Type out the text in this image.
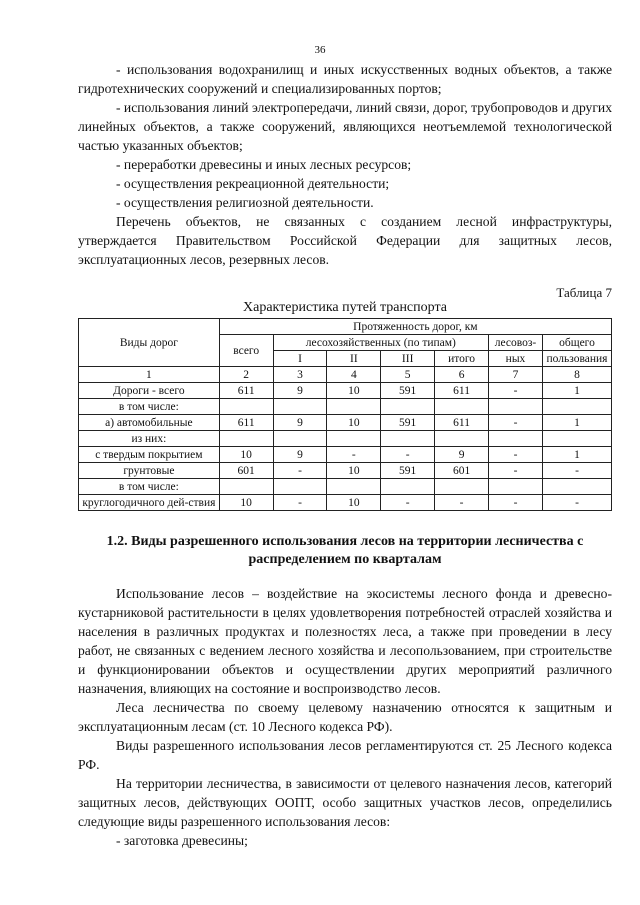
36

- использования водохранилищ и иных искусственных водных объектов, а также гидротехнических сооружений и специализированных портов;

- использования линий электропередачи, линий связи, дорог, трубопроводов и других линейных объектов, а также сооружений, являющихся неотъемлемой технологической частью указанных объектов;

- переработки древесины и иных лесных ресурсов;

- осуществления рекреационной деятельности;

- осуществления религиозной деятельности.

Перечень объектов, не связанных с созданием лесной инфраструктуры, утверждается Правительством Российской Федерации для защитных лесов, эксплуатационных лесов, резервных лесов.

Таблица 7
Характеристика путей транспорта
Виды дорог	Протяженность дорог, км						
	всего	лесохозяйственных (по типам)				лесовоз-	общего
		I	II	III	итого	ных	пользования
1	2	3	4	5	6	7	8
Дороги - всего	611	9	10	591	611	-	1
в том числе:							
а) автомобильные	611	9	10	591	611	-	1
из них:							
с твердым покрытием	10	9	-	-	9	-	1
грунтовые	601	-	10	591	601	-	-
в том числе:							
круглогодичного дей-ствия	10	-	10	-	-	-	-
1.2. Виды разрешенного использования лесов на территории лесничества с распределением по кварталам

Использование лесов – воздействие на экосистемы лесного фонда и древесно-кустарниковой растительности в целях удовлетворения потребностей отраслей хозяйства и населения в различных продуктах и полезностях леса, а также при проведении в лесу работ, не связанных с ведением лесного хозяйства и лесопользованием, при строительстве и функционировании объектов и осуществлении других мероприятий различного назначения, влияющих на состояние и воспроизводство лесов.

Леса лесничества по своему целевому назначению относятся к защитным и эксплуатационным лесам (ст. 10 Лесного кодекса РФ).

Виды разрешенного использования лесов регламентируются ст. 25 Лесного кодекса РФ.

На территории лесничества, в зависимости от целевого назначения лесов, категорий защитных лесов, действующих ООПТ, особо защитных участков лесов, определились следующие виды разрешенного использования лесов:

- заготовка древесины;
